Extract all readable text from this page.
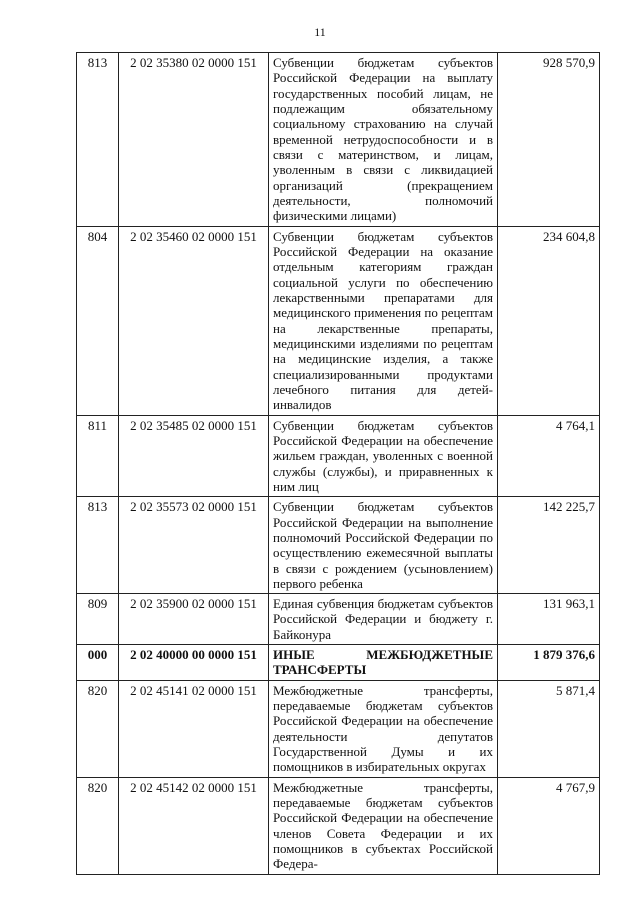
11
813	2 02 35380 02 0000 151	Субвенции бюджетам субъектов Российской Федерации на выплату государственных пособий лицам, не подлежащим обязательному социальному страхованию на случай временной нетрудоспособности и в связи с материнством, и лицам, уволенным в связи с ликвидацией организаций (прекращением деятельности, полномочий физическими лицами)	928 570,9
804	2 02 35460 02 0000 151	Субвенции бюджетам субъектов Российской Федерации на оказание отдельным категориям граждан социальной услуги по обеспечению лекарственными препаратами для медицинского применения по рецептам на лекарственные препараты, медицинскими изделиями по рецептам на медицинские изделия, а также специализированными продуктами лечебного питания для детей-инвалидов	234 604,8
811	2 02 35485 02 0000 151	Субвенции бюджетам субъектов Российской Федерации на обеспечение жильем граждан, уволенных с военной службы (службы), и приравненных к ним лиц	4 764,1
813	2 02 35573 02 0000 151	Субвенции бюджетам субъектов Российской Федерации на выполнение полномочий Российской Федерации по осуществлению ежемесячной выплаты в связи с рождением (усыновлением) первого ребенка	142 225,7
809	2 02 35900 02 0000 151	Единая субвенция бюджетам субъектов Российской Федерации и бюджету г. Байконура	131 963,1
000	2 02 40000 00 0000 151	ИНЫЕ МЕЖБЮДЖЕТНЫЕ ТРАНСФЕРТЫ	1 879 376,6
820	2 02 45141 02 0000 151	Межбюджетные трансферты, передаваемые бюджетам субъектов Российской Федерации на обеспечение деятельности депутатов Государственной Думы и их помощников в избирательных округах	5 871,4
820	2 02 45142 02 0000 151	Межбюджетные трансферты, передаваемые бюджетам субъектов Российской Федерации на обеспечение членов Совета Федерации и их помощников в субъектах Российской Федера-	4 767,9
